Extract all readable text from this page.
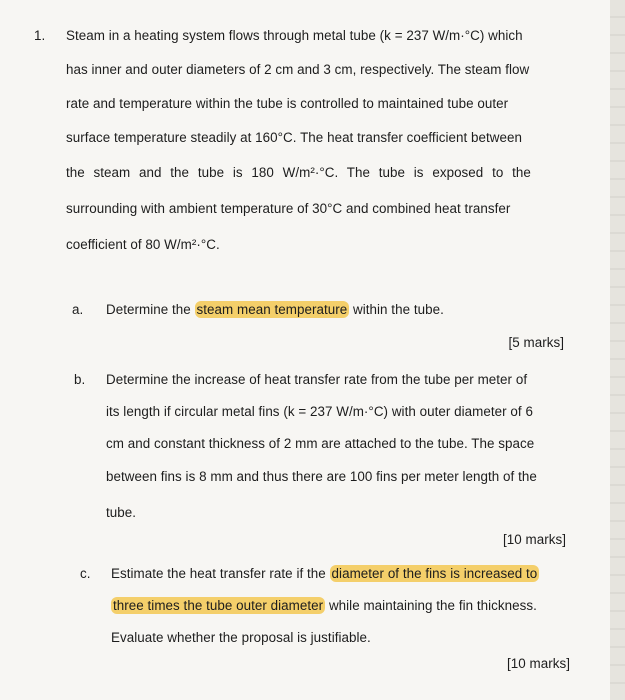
1. Steam in a heating system flows through metal tube (k = 237 W/m·°C) which
has inner and outer diameters of 2 cm and 3 cm, respectively. The steam flow
rate and temperature within the tube is controlled to maintained tube outer
surface temperature steadily at 160°C. The heat transfer coefficient between
the steam and the tube is 180 W/m²·°C. The tube is exposed to the
surrounding with ambient temperature of 30°C and combined heat transfer
coefficient of 80 W/m²·°C.
a. Determine the steam mean temperature within the tube.
[5 marks]
b. Determine the increase of heat transfer rate from the tube per meter of
its length if circular metal fins (k = 237 W/m·°C) with outer diameter of 6
cm and constant thickness of 2 mm are attached to the tube. The space
between fins is 8 mm and thus there are 100 fins per meter length of the
tube.
[10 marks]
c. Estimate the heat transfer rate if the diameter of the fins is increased to
three times the tube outer diameter while maintaining the fin thickness.
Evaluate whether the proposal is justifiable.
[10 marks]
